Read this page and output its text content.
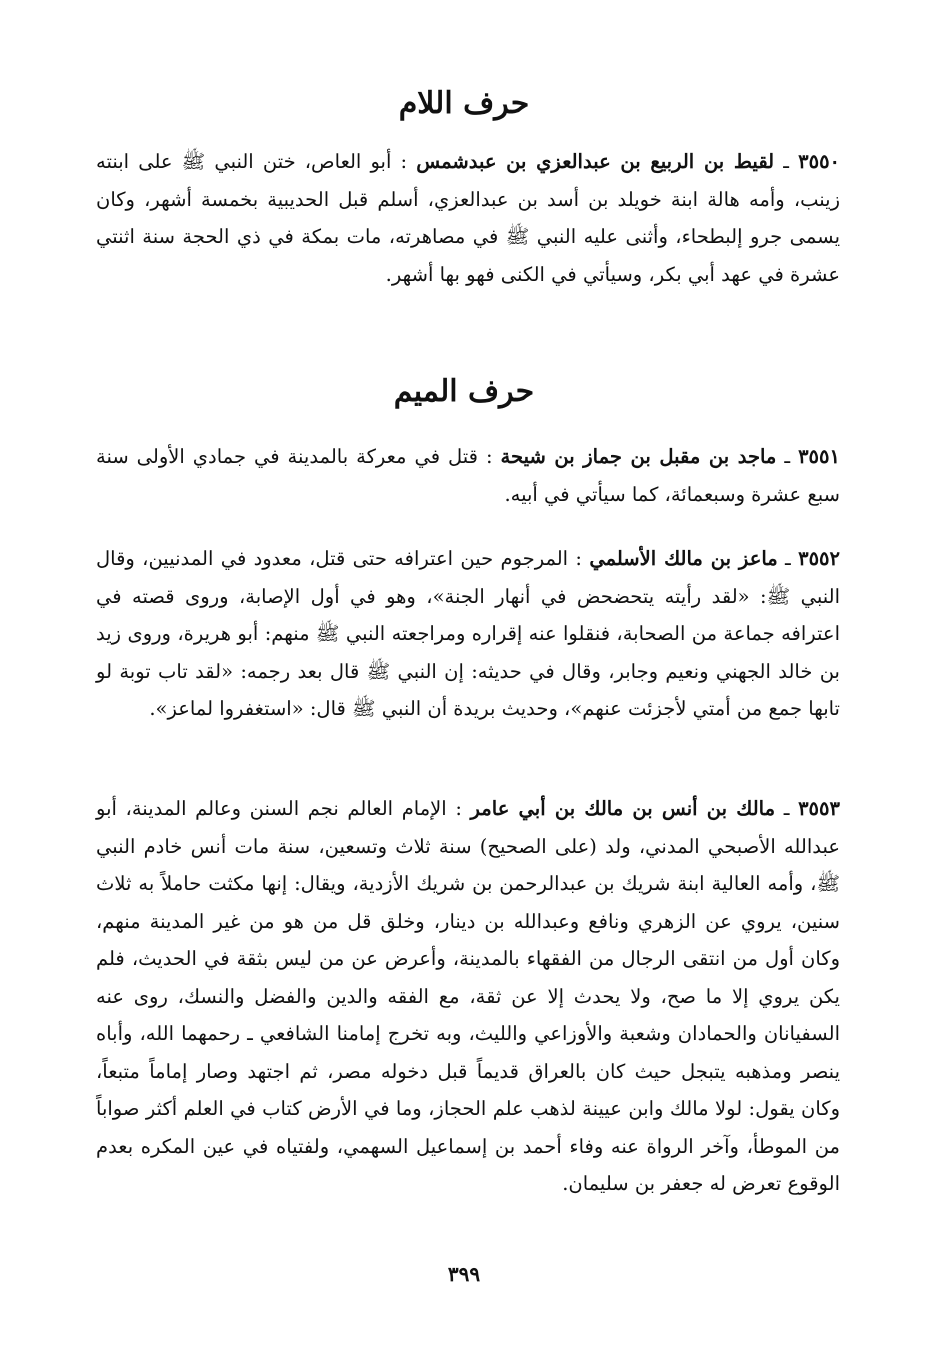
حرف اللام

٣٥٥٠ ـ لقيط بن الربيع بن عبدالعزي بن عبدشمس : أبو العاص، ختن النبي ﷺ على ابنته زينب، وأمه هالة ابنة خويلد بن أسد بن عبدالعزي، أسلم قبل الحديبية بخمسة أشهر، وكان يسمى جرو إلبطحاء، وأثنى عليه النبي ﷺ في مصاهرته، مات بمكة في ذي الحجة سنة اثنتي عشرة في عهد أبي بكر، وسيأتي في الكنى فهو بها أشهر.

حرف الميم

٣٥٥١ ـ ماجد بن مقبل بن جماز بن شيحة : قتل في معركة بالمدينة في جمادي الأولى سنة سبع عشرة وسبعمائة، كما سيأتي في أبيه.

٣٥٥٢ ـ ماعز بن مالك الأسلمي : المرجوم حين اعترافه حتى قتل، معدود في المدنيين، وقال النبي ﷺ: «لقد رأيته يتحضحض في أنهار الجنة»، وهو في أول الإصابة، وروى قصته في اعترافه جماعة من الصحابة، فنقلوا عنه إقراره ومراجعته النبي ﷺ منهم: أبو هريرة، وروى زيد بن خالد الجهني ونعيم وجابر، وقال في حديثه: إن النبي ﷺ قال بعد رجمه: «لقد تاب توبة لو تابها جمع من أمتي لأجزئت عنهم»، وحديث بريدة أن النبي ﷺ قال: «استغفروا لماعز».

٣٥٥٣ ـ مالك بن أنس بن مالك بن أبي عامر : الإمام العالم نجم السنن وعالم المدينة، أبو عبدالله الأصبحي المدني، ولد (على الصحيح) سنة ثلاث وتسعين، سنة مات أنس خادم النبي ﷺ، وأمه العالية ابنة شريك بن عبدالرحمن بن شريك الأزدية، ويقال: إنها مكثت حاملاً به ثلاث سنين، يروي عن الزهري ونافع وعبدالله بن دينار، وخلق قل من هو من غير المدينة منهم، وكان أول من انتقى الرجال من الفقهاء بالمدينة، وأعرض عن من ليس بثقة في الحديث، فلم يكن يروي إلا ما صح، ولا يحدث إلا عن ثقة، مع الفقه والدين والفضل والنسك، روى عنه السفيانان والحمادان وشعبة والأوزاعي والليث، وبه تخرج إمامنا الشافعي ـ رحمهما الله، وأباه ينصر ومذهبه يتبجل حيث كان بالعراق قديماً قبل دخوله مصر، ثم اجتهد وصار إماماً متبعاً، وكان يقول: لولا مالك وابن عيينة لذهب علم الحجاز، وما في الأرض كتاب في العلم أكثر صواباً من الموطأ، وآخر الرواة عنه وفاء أحمد بن إسماعيل السهمي، ولفتياه في عين المكره بعدم الوقوع تعرض له جعفر بن سليمان.

٣٩٩
